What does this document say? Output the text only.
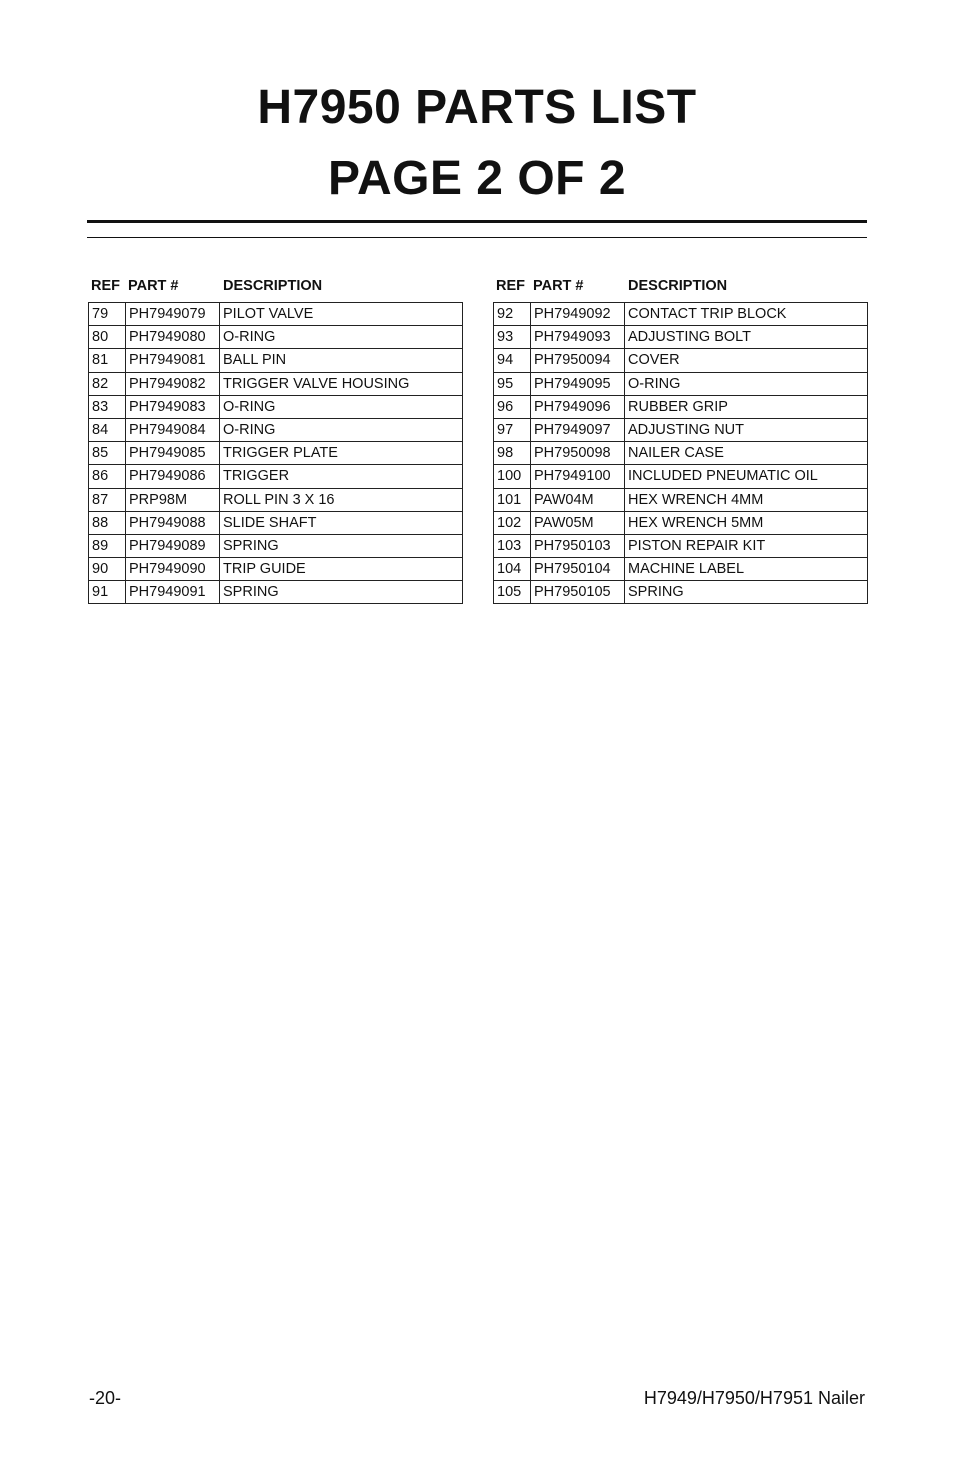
H7950 PARTS LIST
PAGE 2 OF 2
REF PART #	DESCRIPTION
79	PH7949079	PILOT VALVE
80	PH7949080	O-RING
81	PH7949081	BALL PIN
82	PH7949082	TRIGGER VALVE HOUSING
83	PH7949083	O-RING
84	PH7949084	O-RING
85	PH7949085	TRIGGER PLATE
86	PH7949086	TRIGGER
87	PRP98M	ROLL PIN 3 X 16
88	PH7949088	SLIDE SHAFT
89	PH7949089	SPRING
90	PH7949090	TRIP GUIDE
91	PH7949091	SPRING
REF PART #	DESCRIPTION
92	PH7949092	CONTACT TRIP BLOCK
93	PH7949093	ADJUSTING BOLT
94	PH7950094	COVER
95	PH7949095	O-RING
96	PH7949096	RUBBER GRIP
97	PH7949097	ADJUSTING NUT
98	PH7950098	NAILER CASE
100	PH7949100	INCLUDED PNEUMATIC OIL
101	PAW04M	HEX WRENCH 4MM
102	PAW05M	HEX WRENCH 5MM
103	PH7950103	PISTON REPAIR KIT
104	PH7950104	MACHINE LABEL
105	PH7950105	SPRING
-20-	H7949/H7950/H7951 Nailer
